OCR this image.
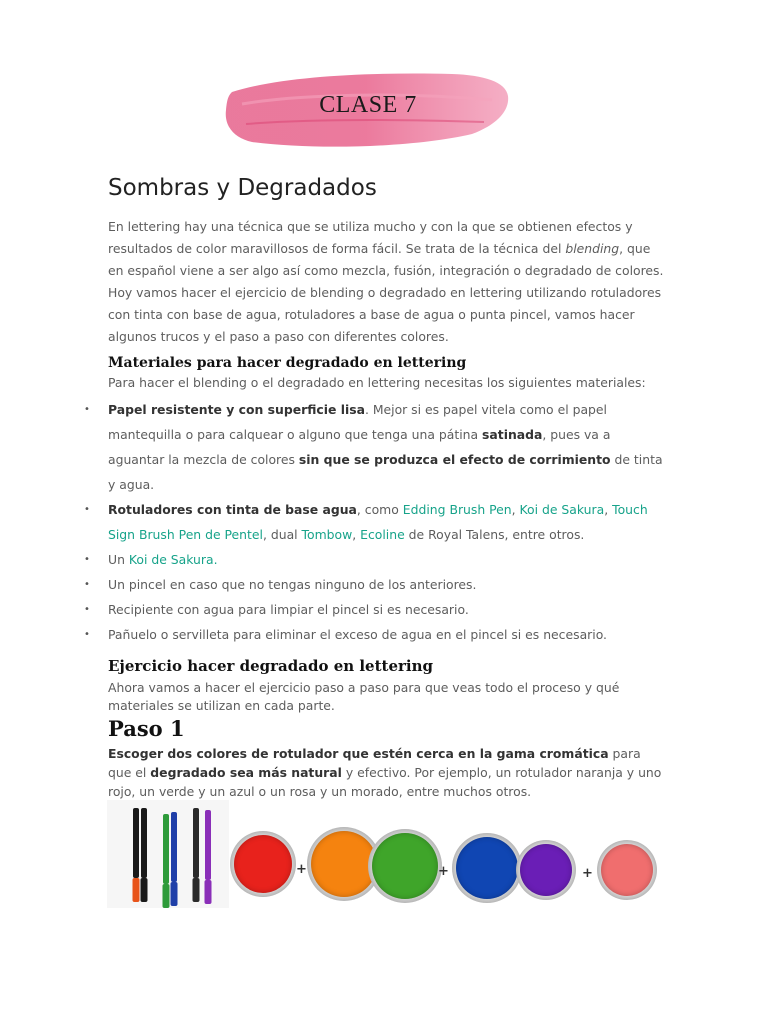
CLASE 7
Sombras y Degradados
En lettering hay una técnica que se utiliza mucho y con la que se obtienen efectos y resultados de color maravillosos de forma fácil. Se trata de la técnica del blending, que en español viene a ser algo así como mezcla, fusión, integración o degradado de colores. Hoy vamos hacer el ejercicio de blending o degradado en lettering utilizando rotuladores con tinta con base de agua, rotuladores a base de agua o punta pincel, vamos hacer algunos trucos y el paso a paso con diferentes colores.
Materiales para hacer degradado en lettering
Para hacer el blending o el degradado en lettering necesitas los siguientes materiales:
• Papel resistente y con superficie lisa. Mejor si es papel vitela como el papel mantequilla o para calquear o alguno que tenga una pátina satinada, pues va a aguantar la mezcla de colores sin que se produzca el efecto de corrimiento de tinta y agua.
• Rotuladores con tinta de base agua, como Edding Brush Pen, Koi de Sakura, Touch Sign Brush Pen de Pentel, dual Tombow, Ecoline de Royal Talens, entre otros.
• Un Koi de Sakura.
• Un pincel en caso que no tengas ninguno de los anteriores.
• Recipiente con agua para limpiar el pincel si es necesario.
• Pañuelo o servilleta para eliminar el exceso de agua en el pincel si es necesario.
Ejercicio hacer degradado en lettering
Ahora vamos a hacer el ejercicio paso a paso para que veas todo el proceso y qué materiales se utilizan en cada parte.
Paso 1
Escoger dos colores de rotulador que estén cerca en la gama cromática para que el degradado sea más natural y efectivo. Por ejemplo, un rotulador naranja y uno rojo, un verde y un azul o un rosa y un morado, entre muchos otros.
+	+	+
